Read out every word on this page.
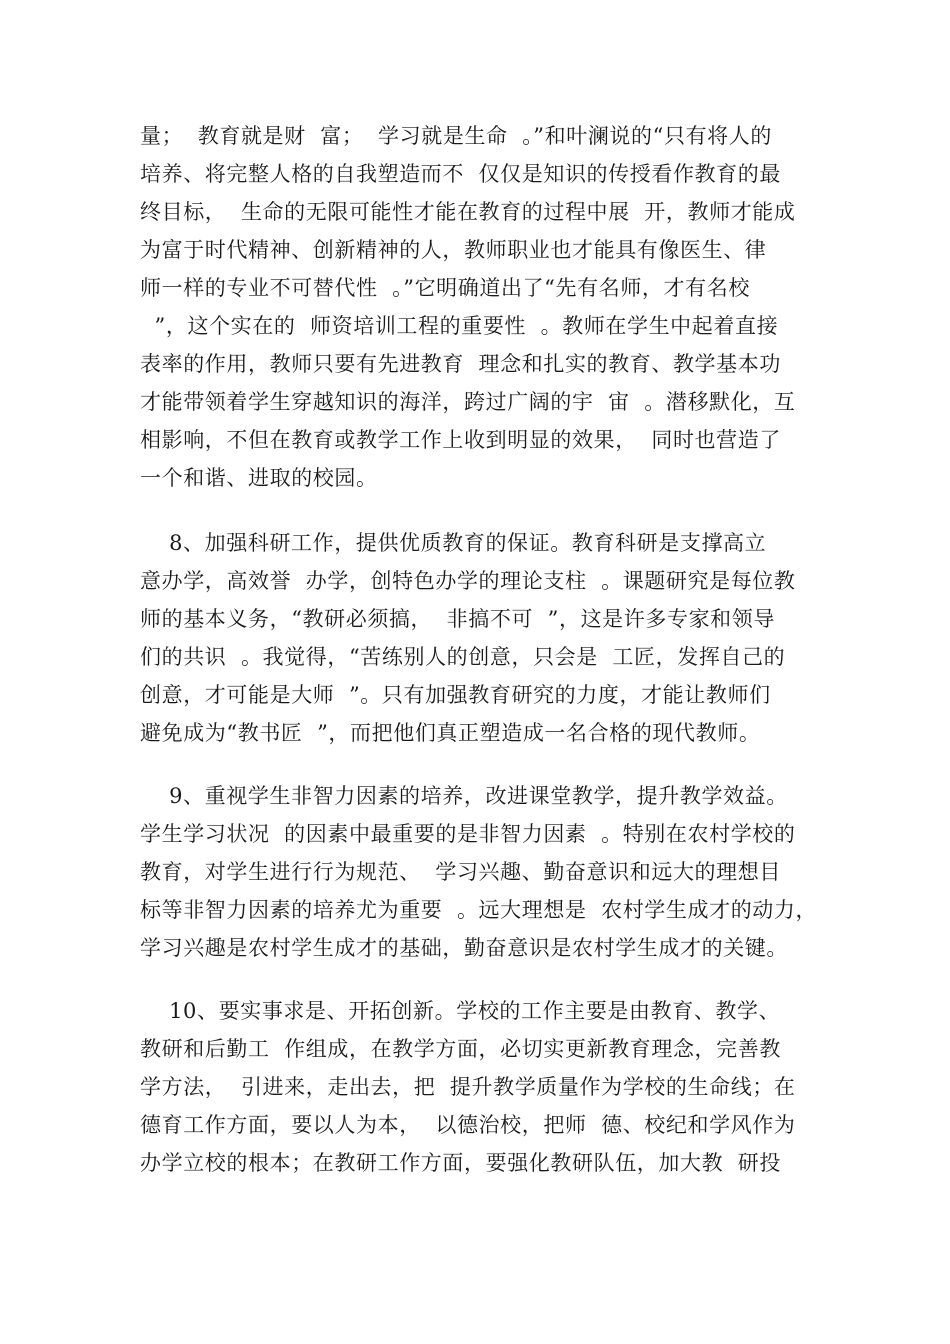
量；  教育就是财  富；  学习就是生命  。”和叶澜说的“只有将人的
培养、将完整人格的自我塑造而不  仅仅是知识的传授看作教育的最
终目标，  生命的无限可能性才能在教育的过程中展  开，教师才能成
为富于时代精神、创新精神的人，教师职业也才能具有像医生、律
师一样的专业不可替代性  。”它明确道出了“先有名师，才有名校
”，这个实在的  师资培训工程的重要性  。教师在学生中起着直接
表率的作用，教师只要有先进教育  理念和扎实的教育、教学基本功
才能带领着学生穿越知识的海洋，跨过广阔的宇  宙  。潜移默化，互
相影响，不但在教育或教学工作上收到明显的效果，  同时也营造了
一个和谐、进取的校园。
8、加强科研工作，提供优质教育的保证。教育科研是支撑高立
意办学，高效誉  办学，创特色办学的理论支柱  。课题研究是每位教
师的基本义务，“教研必须搞，  非搞不可  ”，这是许多专家和领导
们的共识  。我觉得，“苦练别人的创意，只会是  工匠，发挥自己的
创意，才可能是大师  ”。只有加强教育研究的力度，才能让教师们
避免成为“教书匠  ”，而把他们真正塑造成一名合格的现代教师。
9、重视学生非智力因素的培养，改进课堂教学，提升教学效益。
学生学习状况  的因素中最重要的是非智力因素  。特别在农村学校的
教育，对学生进行行为规范、  学习兴趣、勤奋意识和远大的理想目
标等非智力因素的培养尤为重要  。远大理想是  农村学生成才的动力，
学习兴趣是农村学生成才的基础，勤奋意识是农村学生成才的关键。
10、要实事求是、开拓创新。学校的工作主要是由教育、教学、
教研和后勤工  作组成，在教学方面，必切实更新教育理念，完善教
学方法，  引进来，走出去，把  提升教学质量作为学校的生命线；在
德育工作方面，要以人为本，  以德治校，把师  德、校纪和学风作为
办学立校的根本；在教研工作方面，要强化教研队伍，加大教  研投
